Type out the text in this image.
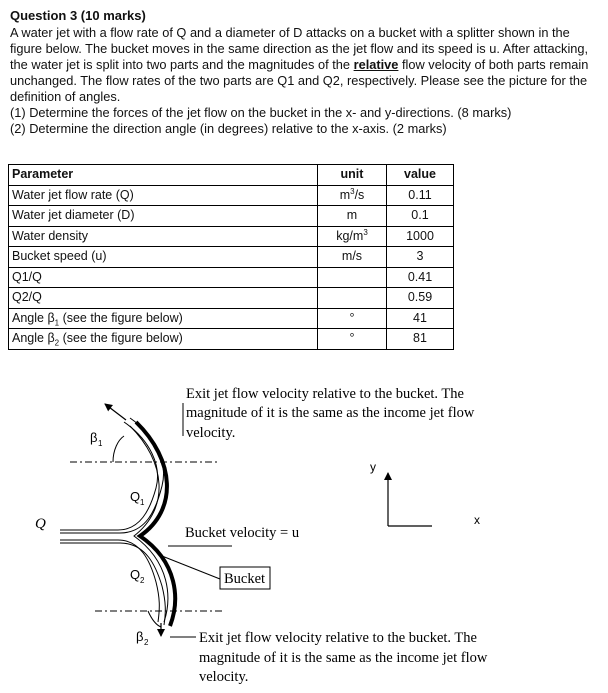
Question 3 (10 marks)

A water jet with a flow rate of Q and a diameter of D attacks on a bucket with a splitter shown in the figure below. The bucket moves in the same direction as the jet flow and its speed is u. After attacking, the water jet is split into two parts and the magnitudes of the relative flow velocity of both parts remain unchanged. The flow rates of the two parts are Q1 and Q2, respectively. Please see the picture for the definition of angles.

(1) Determine the forces of the jet flow on the bucket in the x- and y-directions. (8 marks)

(2) Determine the direction angle (in degrees) relative to the x-axis. (2 marks)

Parameter	unit	value
Water jet flow rate (Q)	$m^3/s$	0.11
Water jet diameter (D)	m	0.1
Water density	$kg/m^3$	1000
Bucket speed (u)	m/s	3
Q1/Q		0.41
Q2/Q		0.59
Angle $\beta_1$ (see the figure below)	°	41
Angle $\beta_2$ (see the figure below)	°	81
Exit jet flow velocity relative to the bucket. The
magnitude of it is the same as the income jet flow
velocity.
Q
Q 1
Q 2
β 1
β 2
Bucket velocity = u
Bucket
y
x
Exit jet flow velocity relative to the bucket. The
magnitude of it is the same as the income jet flow
velocity.
